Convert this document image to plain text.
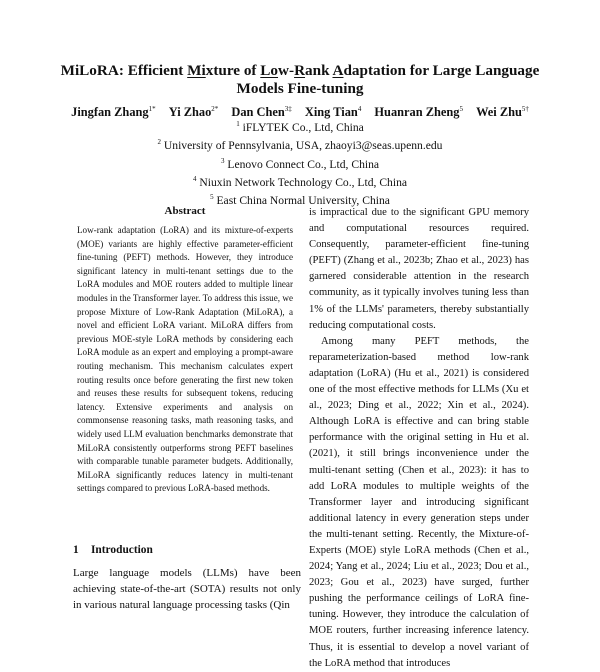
MiLoRA: Efficient Mixture of Low-Rank Adaptation for Large Language
Models Fine-tuning
Jingfan Zhang$^{1*}$ Yi Zhao$^{2*}$ Dan Chen$^{3\ddagger}$ Xing Tian$^4$ Huanran Zheng$^5$ Wei Zhu$^{5\dagger}$
$^1$ iFLYTEK Co., Ltd, China
$^2$ University of Pennsylvania, USA, zhaoyi3@seas.upenn.edu
$^3$ Lenovo Connect Co., Ltd, China
$^4$ Niuxin Network Technology Co., Ltd, China
$^5$ East China Normal University, China
Abstract
Low-rank adaptation (LoRA) and its mixture-of-experts (MOE) variants are highly effective parameter-efficient fine-tuning (PEFT) methods. However, they introduce significant latency in multi-tenant settings due to the LoRA modules and MOE routers added to multiple linear modules in the Transformer layer. To address this issue, we propose Mixture of Low-Rank Adaptation (MiLoRA), a novel and efficient LoRA variant. MiLoRA differs from previous MOE-style LoRA methods by considering each LoRA module as an expert and employing a prompt-aware routing mechanism. This mechanism calculates expert routing results once before generating the first new token and reuses these results for subsequent tokens, reducing latency. Extensive experiments and analysis on commonsense reasoning tasks, math reasoning tasks, and widely used LLM evaluation benchmarks demonstrate that MiLoRA consistently outperforms strong PEFT baselines with comparable tunable parameter budgets. Additionally, MiLoRA significantly reduces latency in multi-tenant settings compared to previous LoRA-based methods.
1 Introduction
Large language models (LLMs) have been achieving state-of-the-art (SOTA) results not only in various natural language processing tasks (Qin

is impractical due to the significant GPU memory and computational resources required. Consequently, parameter-efficient fine-tuning (PEFT) (Zhang et al., 2023b; Zhao et al., 2023) has garnered considerable attention in the research community, as it typically involves tuning less than 1% of the LLMs' parameters, thereby substantially reducing computational costs.

Among many PEFT methods, the reparameterization-based method low-rank adaptation (LoRA) (Hu et al., 2021) is considered one of the most effective methods for LLMs (Xu et al., 2023; Ding et al., 2022; Xin et al., 2024). Although LoRA is effective and can bring stable performance with the original setting in Hu et al. (2021), it still brings inconvenience under the multi-tenant setting (Chen et al., 2023): it has to add LoRA modules to multiple weights of the Transformer layer and introducing significant additional latency in every generation steps under the multi-tenant setting. Recently, the Mixture-of-Experts (MOE) style LoRA methods (Chen et al., 2024; Yang et al., 2024; Liu et al., 2023; Dou et al., 2023; Gou et al., 2023) have surged, further pushing the performance ceilings of LoRA fine-tuning. However, they introduce the calculation of MOE routers, further increasing inference latency. Thus, it is essential to develop a novel variant of the LoRA method that introduces
